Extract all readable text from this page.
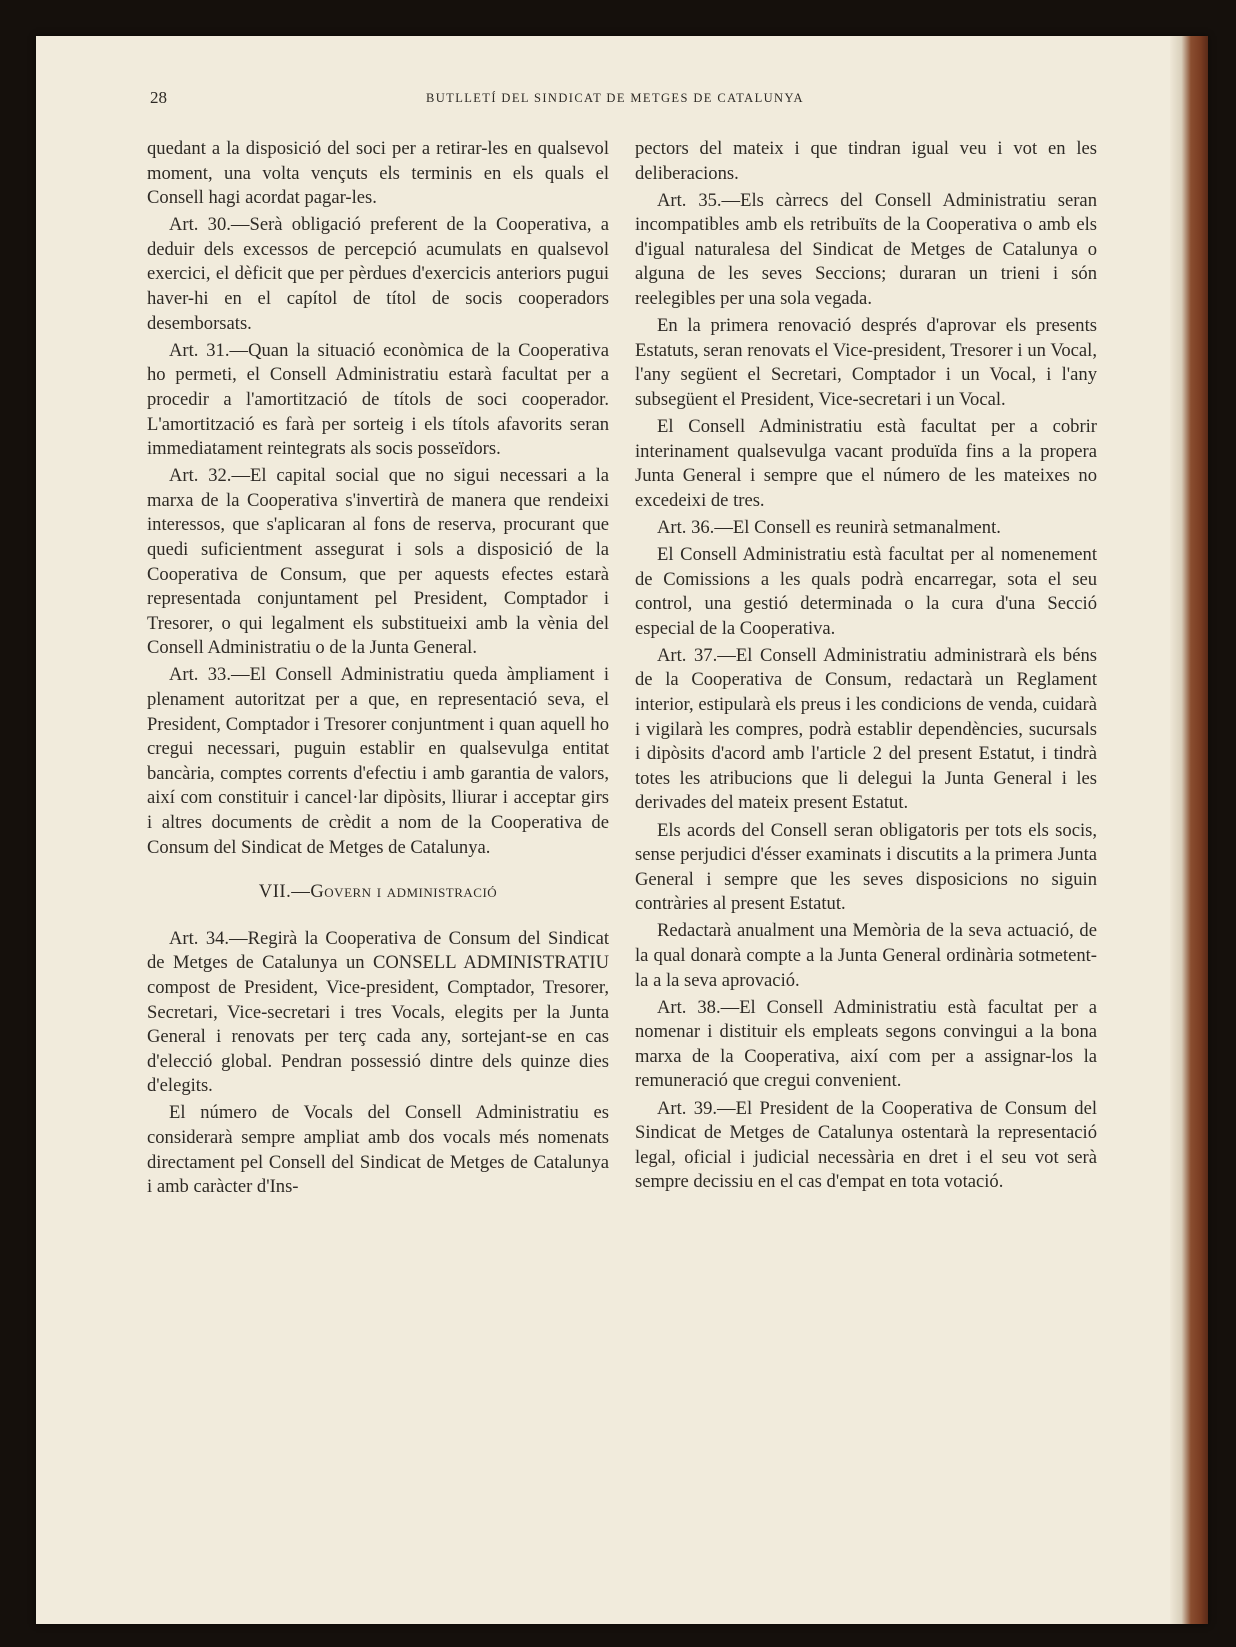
28	BUTLLETÍ DEL SINDICAT DE METGES DE CATALUNYA

quedant a la disposició del soci per a retirar-les en qualsevol moment, una volta vençuts els terminis en els quals el Consell hagi acordat pagar-les.

Art. 30.—Serà obligació preferent de la Cooperativa, a deduir dels excessos de percepció acumulats en qualsevol exercici, el dèficit que per pèrdues d'exercicis anteriors pugui haver-hi en el capítol de títol de socis cooperadors desemborsats.

Art. 31.—Quan la situació econòmica de la Cooperativa ho permeti, el Consell Administratiu estarà facultat per a procedir a l'amortització de títols de soci cooperador. L'amortització es farà per sorteig i els títols afavorits seran immediatament reintegrats als socis posseïdors.

Art. 32.—El capital social que no sigui necessari a la marxa de la Cooperativa s'invertirà de manera que rendeixi interessos, que s'aplicaran al fons de reserva, procurant que quedi suficientment assegurat i sols a disposició de la Cooperativa de Consum, que per aquests efectes estarà representada conjuntament pel President, Comptador i Tresorer, o qui legalment els substitueixi amb la vènia del Consell Administratiu o de la Junta General.

Art. 33.—El Consell Administratiu queda àmpliament i plenament autoritzat per a que, en representació seva, el President, Comptador i Tresorer conjuntment i quan aquell ho cregui necessari, puguin establir en qualsevulga entitat bancària, comptes corrents d'efectiu i amb garantia de valors, així com constituir i cancel·lar dipòsits, lliurar i acceptar girs i altres documents de crèdit a nom de la Cooperativa de Consum del Sindicat de Metges de Catalunya.

VII.—Govern i administració

Art. 34.—Regirà la Cooperativa de Consum del Sindicat de Metges de Catalunya un CONSELL ADMINISTRATIU compost de President, Vice-president, Comptador, Tresorer, Secretari, Vice-secretari i tres Vocals, elegits per la Junta General i renovats per terç cada any, sortejant-se en cas d'elecció global. Pendran possessió dintre dels quinze dies d'elegits.

El número de Vocals del Consell Administratiu es considerarà sempre ampliat amb dos vocals més nomenats directament pel Consell del Sindicat de Metges de Catalunya i amb caràcter d'Ins-

pectors del mateix i que tindran igual veu i vot en les deliberacions.

Art. 35.—Els càrrecs del Consell Administratiu seran incompatibles amb els retribuïts de la Cooperativa o amb els d'igual naturalesa del Sindicat de Metges de Catalunya o alguna de les seves Seccions; duraran un trieni i són reelegibles per una sola vegada.

En la primera renovació després d'aprovar els presents Estatuts, seran renovats el Vice-president, Tresorer i un Vocal, l'any següent el Secretari, Comptador i un Vocal, i l'any subsegüent el President, Vice-secretari i un Vocal.

El Consell Administratiu està facultat per a cobrir interinament qualsevulga vacant produïda fins a la propera Junta General i sempre que el número de les mateixes no excedeixi de tres.

Art. 36.—El Consell es reunirà setmanalment.

El Consell Administratiu està facultat per al nomenement de Comissions a les quals podrà encarregar, sota el seu control, una gestió determinada o la cura d'una Secció especial de la Cooperativa.

Art. 37.—El Consell Administratiu administrarà els béns de la Cooperativa de Consum, redactarà un Reglament interior, estipularà els preus i les condicions de venda, cuidarà i vigilarà les compres, podrà establir dependències, sucursals i dipòsits d'acord amb l'article 2 del present Estatut, i tindrà totes les atribucions que li delegui la Junta General i les derivades del mateix present Estatut.

Els acords del Consell seran obligatoris per tots els socis, sense perjudici d'ésser examinats i discutits a la primera Junta General i sempre que les seves disposicions no siguin contràries al present Estatut.

Redactarà anualment una Memòria de la seva actuació, de la qual donarà compte a la Junta General ordinària sotmetent-la a la seva aprovació.

Art. 38.—El Consell Administratiu està facultat per a nomenar i distituir els empleats segons convingui a la bona marxa de la Cooperativa, així com per a assignar-los la remuneració que cregui convenient.

Art. 39.—El President de la Cooperativa de Consum del Sindicat de Metges de Catalunya ostentarà la representació legal, oficial i judicial necessària en dret i el seu vot serà sempre decissiu en el cas d'empat en tota votació.
